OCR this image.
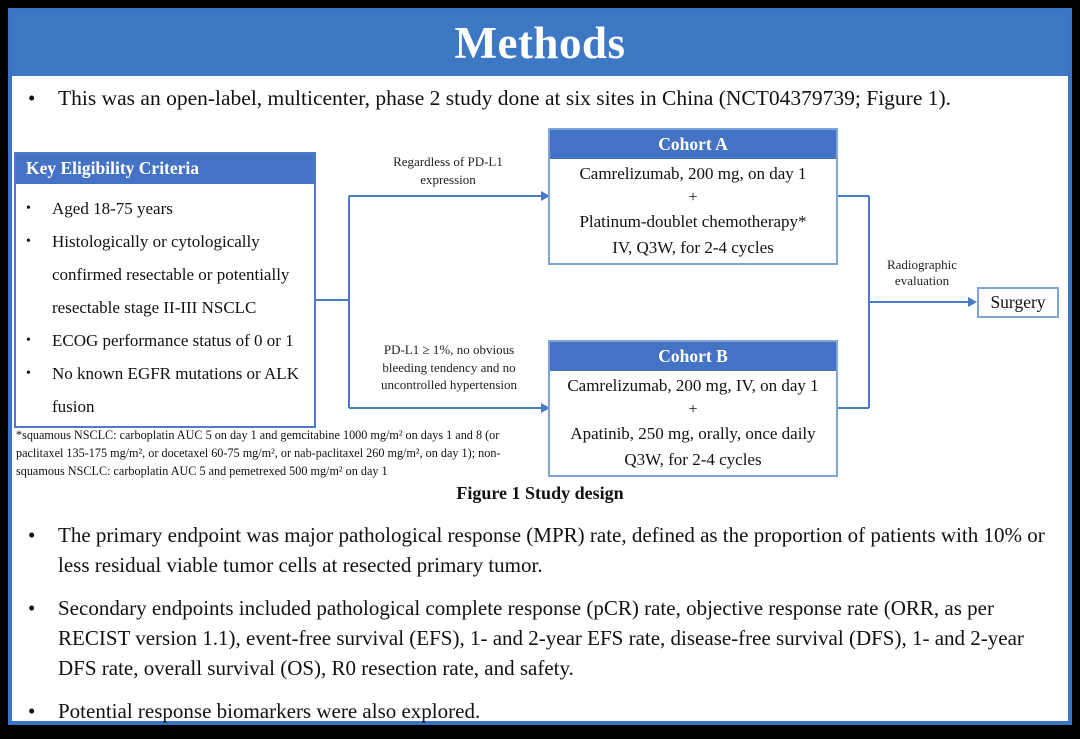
Methods
•	This was an open-label, multicenter, phase 2 study done at six sites in China (NCT04379739; Figure 1).
Key Eligibility Criteria
•	Aged 18-75 years
•	Histologically or cytologically confirmed resectable or potentially resectable stage II-III NSCLC
•	ECOG performance status of 0 or 1
•	No known EGFR mutations or ALK fusion
Regardless of PD-L1
expression
PD-L1 ≥ 1%, no obvious
bleeding tendency and no
uncontrolled hypertension
Cohort A
Camrelizumab, 200 mg, on day 1
+
Platinum-doublet chemotherapy*
IV, Q3W, for 2-4 cycles
Cohort B
Camrelizumab, 200 mg, IV, on day 1
+
Apatinib, 250 mg, orally, once daily
Q3W, for 2-4 cycles
Radiographic
evaluation
Surgery
*squamous NSCLC: carboplatin AUC 5 on day 1 and gemcitabine 1000 mg/m² on days 1 and 8 (or paclitaxel 135-175 mg/m², or docetaxel 60-75 mg/m², or nab-paclitaxel 260 mg/m², on day 1); non-squamous NSCLC: carboplatin AUC 5 and pemetrexed 500 mg/m² on day 1
Figure 1 Study design
•	The primary endpoint was major pathological response (MPR) rate, defined as the proportion of patients with 10% or less residual viable tumor cells at resected primary tumor.
•	Secondary endpoints included pathological complete response (pCR) rate, objective response rate (ORR, as per RECIST version 1.1), event-free survival (EFS), 1- and 2-year EFS rate, disease-free survival (DFS), 1- and 2-year DFS rate, overall survival (OS), R0 resection rate, and safety.
•	Potential response biomarkers were also explored.
